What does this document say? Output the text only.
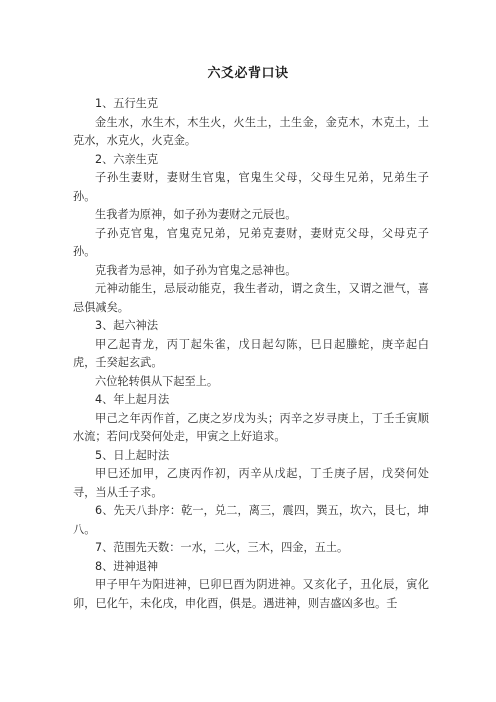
六爻必背口诀

1、五行生克

金生水，水生木，木生火，火生土，土生金，金克木，木克土，土克水，水克火，火克金。

2、六亲生克

子孙生妻财，妻财生官鬼，官鬼生父母，父母生兄弟，兄弟生子孙。

生我者为原神，如子孙为妻财之元辰也。

子孙克官鬼，官鬼克兄弟，兄弟克妻财，妻财克父母，父母克子孙。

克我者为忌神，如子孙为官鬼之忌神也。

元神动能生，忌辰动能克，我生者动，谓之贪生，又谓之泄气，喜忌俱减矣。

3、起六神法

甲乙起青龙，丙丁起朱雀，戊日起勾陈，巳日起螣蛇，庚辛起白虎，壬癸起玄武。

六位轮转俱从下起至上。

4、年上起月法

甲己之年丙作首，乙庚之岁戊为头；丙辛之岁寻庚上，丁壬壬寅顺水流；若问戊癸何处走，甲寅之上好追求。

5、日上起时法

甲巳还加甲，乙庚丙作初，丙辛从戊起，丁壬庚子居，戊癸何处寻，当从壬子求。

6、先天八卦序：乾一，兑二，离三，震四，巽五，坎六，艮七，坤八。

7、范围先天数：一水，二火，三木，四金，五土。

8、进神退神

甲子甲午为阳进神，巳卯巳酉为阴进神。又亥化子，丑化辰，寅化卯，巳化午，未化戌，申化酉，俱是。遇进神，则吉盛凶多也。壬
